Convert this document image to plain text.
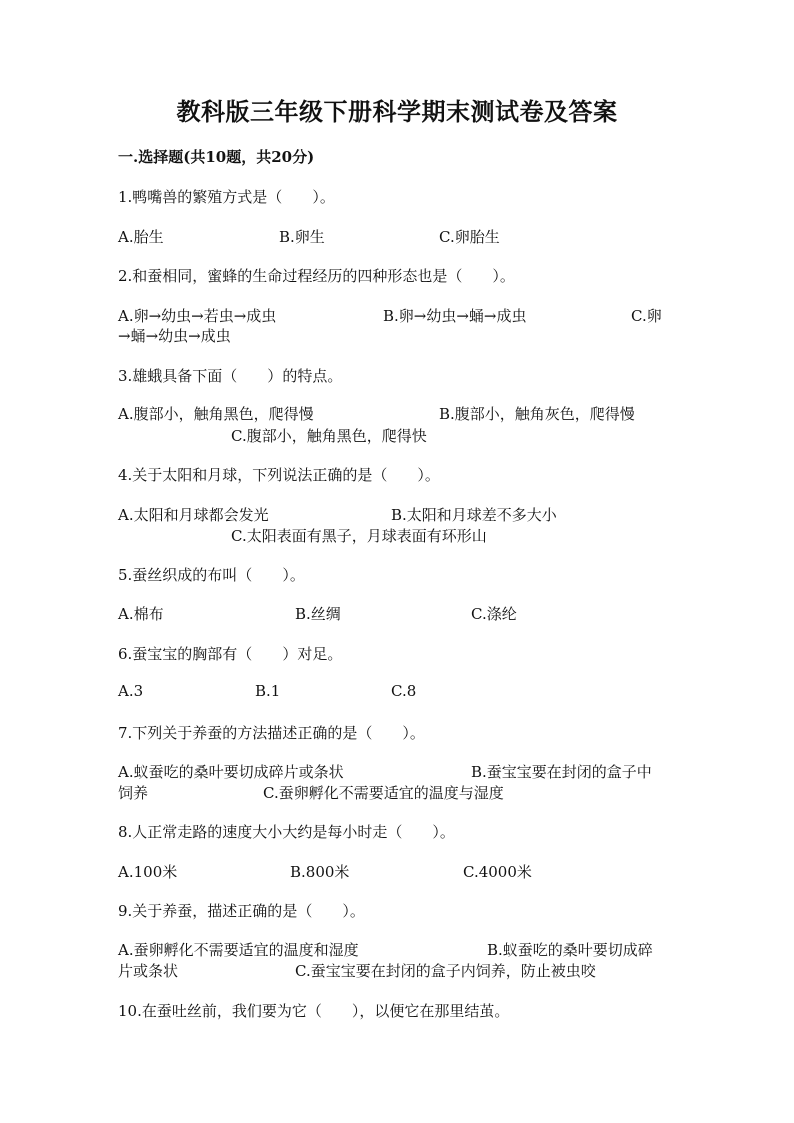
教科版三年级下册科学期末测试卷及答案
一.选择题(共10题，共20分)
1.鸭嘴兽的繁殖方式是（　　）。
A.胎生	B.卵生	C.卵胎生
2.和蚕相同，蜜蜂的生命过程经历的四种形态也是（　　）。
A.卵→幼虫→若虫→成虫	B.卵→幼虫→蛹→成虫	C.卵
→蛹→幼虫→成虫
3.雄蛾具备下面（　　）的特点。
A.腹部小，触角黑色，爬得慢	B.腹部小，触角灰色，爬得慢
C.腹部小，触角黑色，爬得快
4.关于太阳和月球，下列说法正确的是（　　）。
A.太阳和月球都会发光	B.太阳和月球差不多大小
C.太阳表面有黑子，月球表面有环形山
5.蚕丝织成的布叫（　　）。
A.棉布	B.丝绸	C.涤纶
6.蚕宝宝的胸部有（　　）对足。
A.3	B.1	C.8
7.下列关于养蚕的方法描述正确的是（　　）。
A.蚁蚕吃的桑叶要切成碎片或条状	B.蚕宝宝要在封闭的盒子中
饲养	C.蚕卵孵化不需要适宜的温度与湿度
8.人正常走路的速度大小大约是每小时走（　　）。
A.100米	B.800米	C.4000米
9.关于养蚕，描述正确的是（　　）。
A.蚕卵孵化不需要适宜的温度和湿度	B.蚁蚕吃的桑叶要切成碎
片或条状	C.蚕宝宝要在封闭的盒子内饲养，防止被虫咬
10.在蚕吐丝前，我们要为它（　　），以便它在那里结茧。
